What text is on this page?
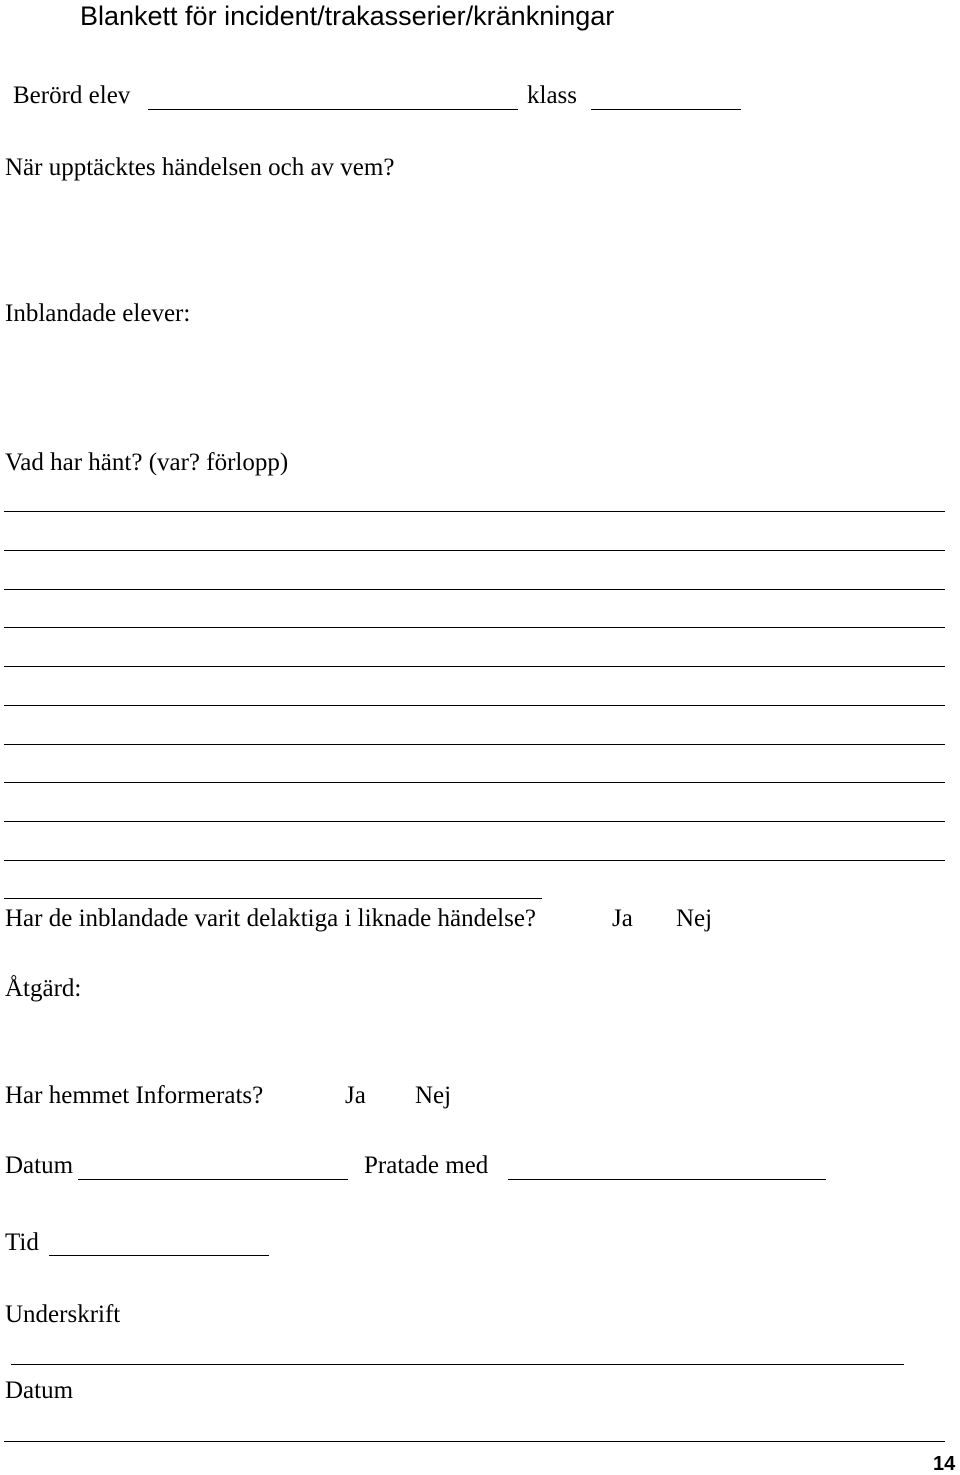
Blankett för incident/trakasserier/kränkningar
Berörd elev	klass
När upptäcktes händelsen och av vem?
Inblandade elever:
Vad har hänt? (var? förlopp)
Har de inblandade varit delaktiga i liknade händelse?	Ja Nej
Åtgärd:
Har hemmet Informerats?	Ja Nej
Datum	Pratade med
Tid
Underskrift
Datum
14
